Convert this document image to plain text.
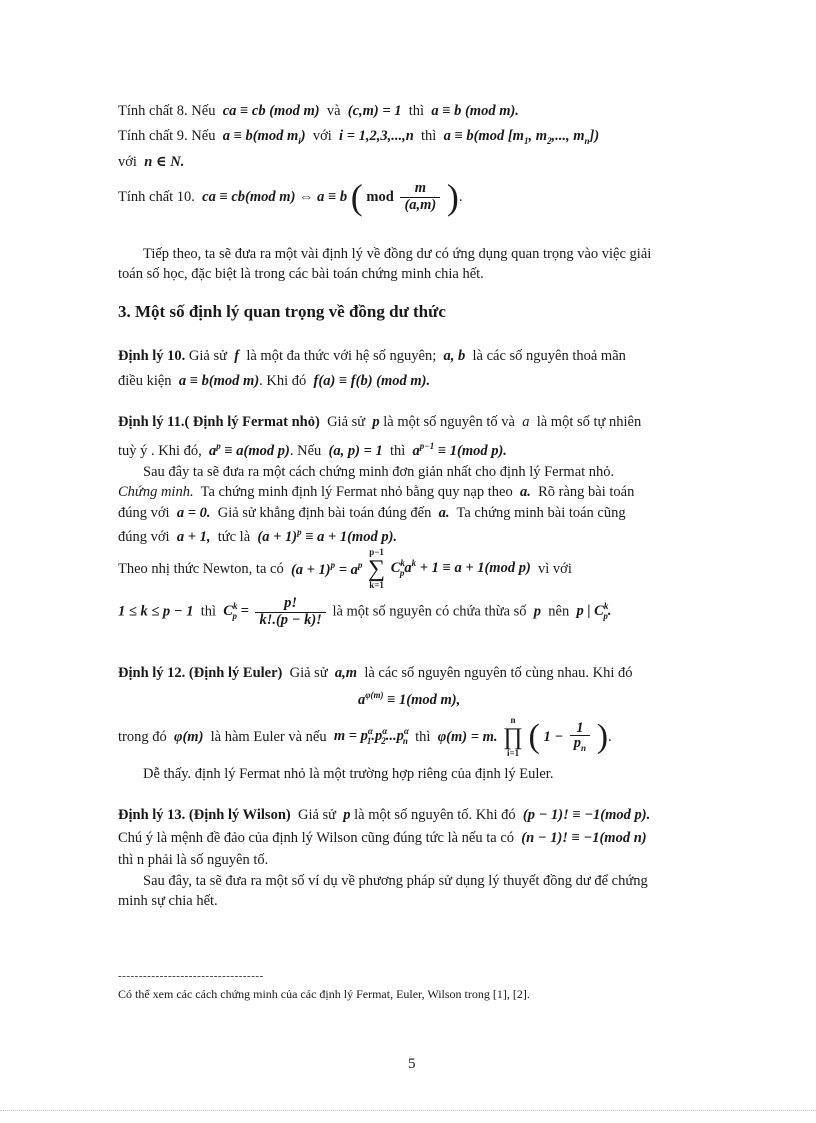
Tính chất 8. Nếu ca ≡ cb (mod m) và (c,m) = 1 thì a ≡ b (mod m).
Tính chất 9. Nếu a ≡ b(mod $m_i$) với i = 1,2,3,...,n thì a ≡ b(mod [$m_1$, $m_2$,..., $m_n$])
với n ∈ N.
Tính chất 10. ca ≡ cb(mod m) ⇔ a ≡ b ( mod $\frac{m}{(a,m)}$ ).
Tiếp theo, ta sẽ đưa ra một vài định lý về đồng dư có ứng dụng quan trọng vào việc giải
toán số học, đặc biệt là trong các bài toán chứng minh chia hết.
3. Một số định lý quan trọng về đồng dư thức
Định lý 10. Giả sử f là một đa thức với hệ số nguyên; a, b là các số nguyên thoả mãn
điều kiện a ≡ b(mod m). Khi đó f(a) ≡ f(b) (mod m).
Định lý 11.( Định lý Fermat nhỏ) Giả sử p là một số nguyên tố và a là một số tự nhiên
tuỳ ý . Khi đó, $a^p \equiv a(mod$ p). Nếu (a, p) = 1 thì $a^{p-1} \equiv 1(mod$ p).
Sau đây ta sẽ đưa ra một cách chứng minh đơn giản nhất cho định lý Fermat nhỏ.
Chứng minh. Ta chứng minh định lý Fermat nhỏ bằng quy nạp theo a. Rõ ràng bài toán
đúng với a = 0. Giả sử khẳng định bài toán đúng đến a. Ta chứng minh bài toán cũng
đúng với a + 1, tức là $(a + 1)^p \equiv a + 1(mod$ p).
Theo nhị thức Newton, ta có $(a + 1)^p = a^p$
p−1
∑
k=1
$C^k_pa^k + 1 \equiv a + 1(mod$ p) vì với
1 ≤ k ≤ p − 1 thì $C^k_p = \frac{p!}{k!.(p - k)!}$ là một số nguyên có chứa thừa số p nên p | $C^k_p$.
Định lý 12. (Định lý Euler) Giả sử a,m là các số nguyên nguyên tố cùng nhau. Khi đó
$a^{\varphi(m)} \equiv 1(mod$ m),
trong đó φ(m) là hàm Euler và nếu $m = p^\alpha_1.p^\alpha_2...p^\alpha_n$ thì φ(m) = m.
n
∏
i=1 ( $1 - \frac{1}{p_n}$ ).
Dễ thấy. định lý Fermat nhỏ là một trường hợp riêng của định lý Euler.
Định lý 13. (Định lý Wilson) Giả sử p là một số nguyên tố. Khi đó (p − 1)! ≡ −1(mod p).
Chú ý là mệnh đề đảo của định lý Wilson cũng đúng tức là nếu ta có (n − 1)! ≡ −1(mod n)
thì n phải là số nguyên tố.
Sau đây, ta sẽ đưa ra một số ví dụ về phương pháp sử dụng lý thuyết đồng dư để chứng
minh sự chia hết.
-----------------------------------
Có thể xem các cách chứng minh của các định lý Fermat, Euler, Wilson trong [1], [2].
5
